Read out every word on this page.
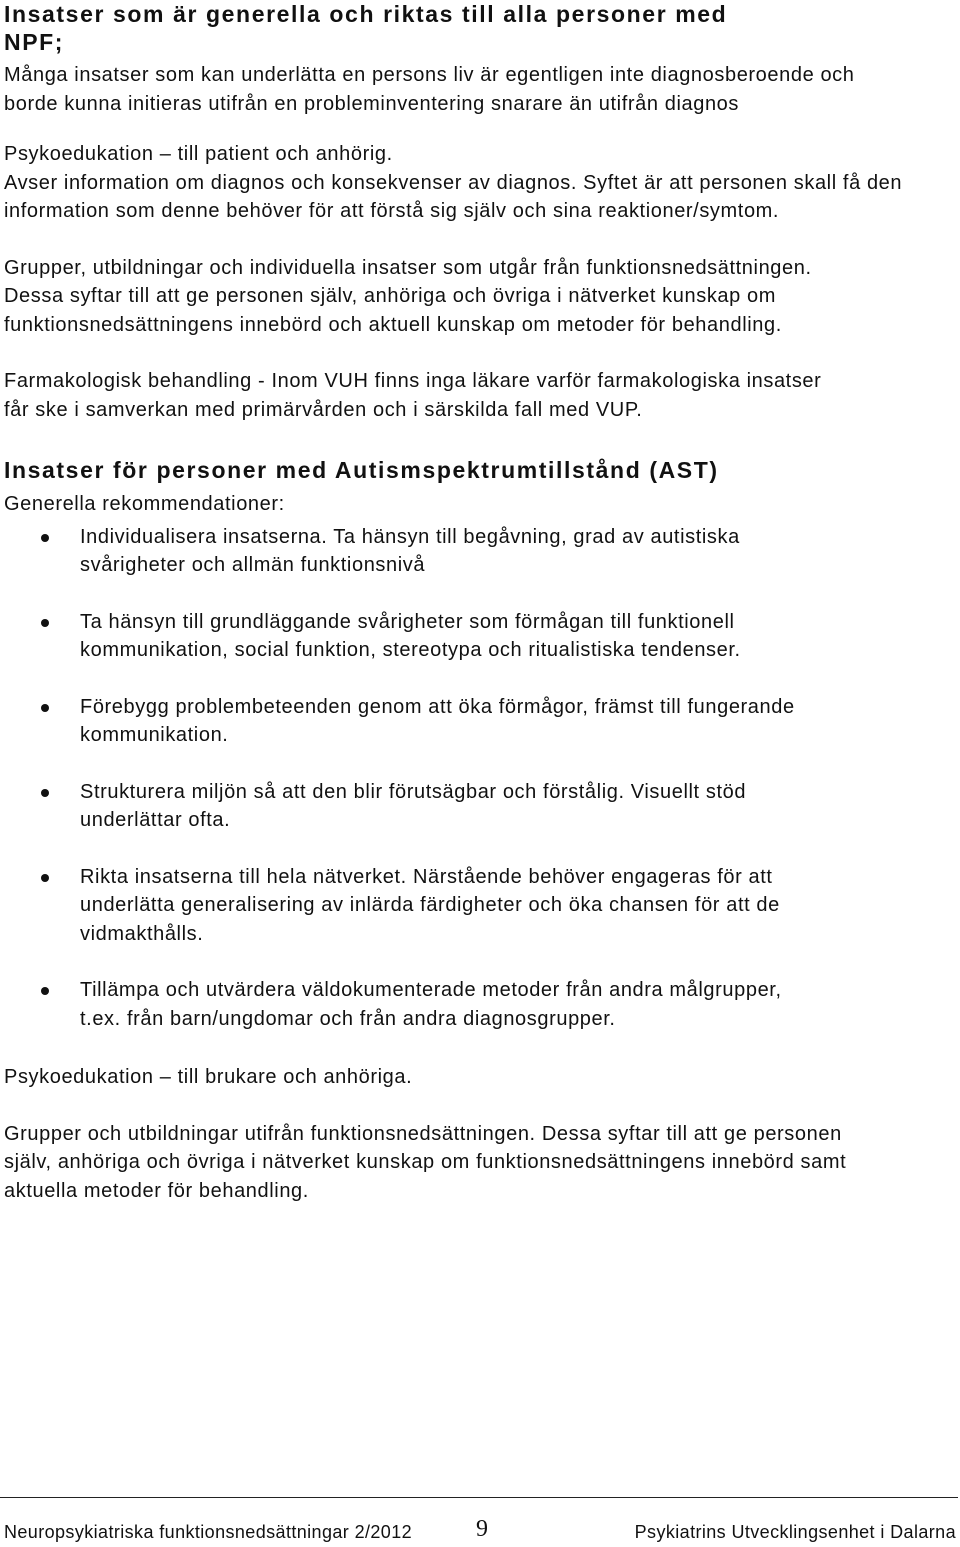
Insatser som är generella och riktas till alla personer med
NPF;

Många insatser som kan underlätta en persons liv är egentligen inte diagnosberoende och borde kunna initieras utifrån en probleminventering snarare än utifrån diagnos

Psykoedukation – till patient och anhörig.

Avser information om diagnos och konsekvenser av diagnos. Syftet är att personen skall få den information som denne behöver för att förstå sig själv och sina reaktioner/symtom.

Grupper, utbildningar och individuella insatser som utgår från funktionsnedsättningen. Dessa syftar till att ge personen själv, anhöriga och övriga i nätverket kunskap om funktionsnedsättningens innebörd och aktuell kunskap om metoder för behandling.

Farmakologisk behandling - Inom VUH finns inga läkare varför farmakologiska insatser får ske i samverkan med primärvården och i särskilda fall med VUP.

Insatser för personer med Autismspektrumtillstånd (AST)

Generella rekommendationer:

Individualisera insatserna. Ta hänsyn till begåvning, grad av autistiska svårigheter och allmän funktionsnivå
Ta hänsyn till grundläggande svårigheter som förmågan till funktionell kommunikation, social funktion, stereotypa och ritualistiska tendenser.
Förebygg problembeteenden genom att öka förmågor, främst till fungerande kommunikation.
Strukturera miljön så att den blir förutsägbar och förstålig. Visuellt stöd underlättar ofta.
Rikta insatserna till hela nätverket. Närstående behöver engageras för att underlätta generalisering av inlärda färdigheter och öka chansen för att de vidmakthålls.
Tillämpa och utvärdera väldokumenterade metoder från andra målgrupper, t.ex. från barn/ungdomar och från andra diagnosgrupper.

Psykoedukation – till brukare och anhöriga.

Grupper och utbildningar utifrån funktionsnedsättningen. Dessa syftar till att ge personen själv, anhöriga och övriga i nätverket kunskap om funktionsnedsättningens innebörd samt aktuella metoder för behandling.

Neuropsykiatriska funktionsnedsättningar 2/2012	9	Psykiatrins Utvecklingsenhet i Dalarna
